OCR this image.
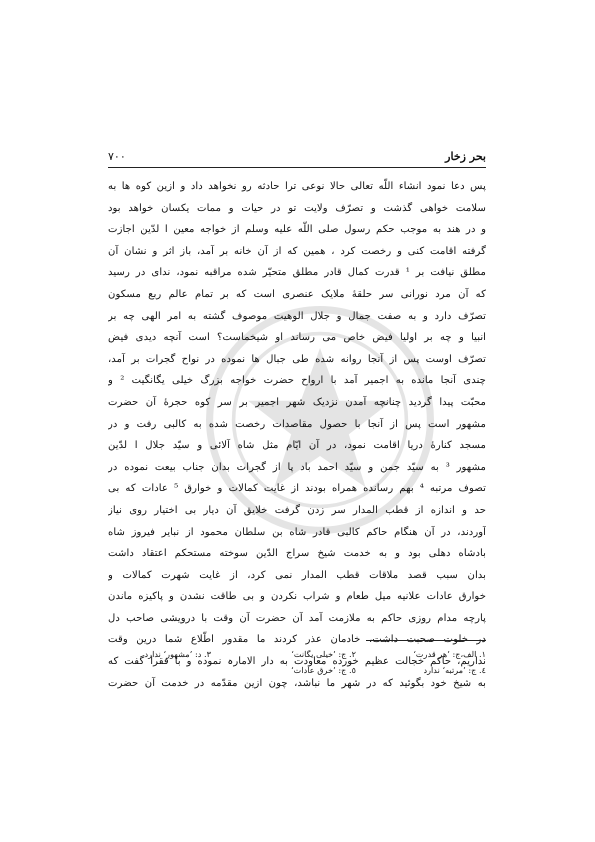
بحر زخار
۷۰۰
پس دعا نمود انشاء اللّه تعالی حالا نوعی ترا حادثه رو نخواهد داد و ازین کوه ها به
سلامت خواهی گذشت و تصرّف ولایت تو در حیات و ممات یکسان خواهد بود
و در هند به موجب حکم رسول صلی اللّه علیه وسلم از خواجه معین ا لدّین اجازت
گرفته اقامت کنی و رخصت کرد ، همین که از آن خانه بر آمد، باز اثر و نشان آن
مطلق نیافت بر ¹ قدرت کمال قادر مطلق متحیّر شده مراقبه نمود، ندای در رسید
که آن مرد نورانی سر حلقهٔ ملایک عنصری است که بر تمام عالم ربع مسکون
تصرّف دارد و به صفت جمال و جلال الوهیت موصوف گشته به امر الهی چه بر
انبیا و چه بر اولیا فیض خاص می رساند او شیخماست؟ است آنچه دیدی فیض
تصرّف اوست پس از آنجا روانه شده طی جبال ها نموده در نواح گجرات بر آمد،
چندی آنجا مانده به اجمیر آمد با ارواح حضرت خواجه بزرگ خیلی یگانگیت ² و
محبّت پیدا گردید چنانچه آمدن نزدیک شهر اجمیر بر سر کوه حجرهٔ آن حضرت
مشهور است پس از آنجا با حصول مقاصدات رخصت شده به کالبی رفت و در
مسجد کنارهٔ دریا اقامت نمود، در آن ایّام مثل شاه آلائی و سیّد جلال ا لدّین
مشهور ³ به سیّد جمن و سیّد احمد باد پا از گجرات بدان جناب بیعت نموده در
تصوف مرتبه ⁴ بهم رسانده همراه بودند از غایت کمالات و خوارق ⁵ عادات که بی
حد و اندازه از قطب المدار سر زدن گرفت خلایق آن دیار بی اختیار روی نیاز
آوردند، در آن هنگام حاکم کالبی قادر شاه بن سلطان محمود از نبایر فیروز شاه
بادشاه دهلی بود و به خدمت شیخ سراج الدّین سوخته مستحکم اعتقاد داشت
بدان سبب قصد ملاقات قطب المدار نمی کرد، از غایت شهرت کمالات و
خوارق عادات علانیه میل طعام و شراب نکردن و بی طاقت نشدن و پاکیزه ماندن
پارچه مدام روزی حاکم به ملازمت آمد آن حضرت آن وقت با درویشی صاحب دل
در خلوت صحبت داشت، خادمان عذر کردند ما مقدور اطّلاع شما درین وقت
نداریم، حاکم خجالت عظیم خورده معاودت به دار الامارہ نموده و با فقرا گفت که
به شیخ خود بگوئید که در شهر ما نباشد، چون ازین مقدّمه در خدمت آن حضرت
۱. الف،ج: ’هر قدرت‘
۲. ج: ’خیلی یگانت‘
۳. د: ’مشهور‘ ندارد
٤. ج: ’مرتبه‘ ندارد
٥. ج: ’خرق عادات‘
